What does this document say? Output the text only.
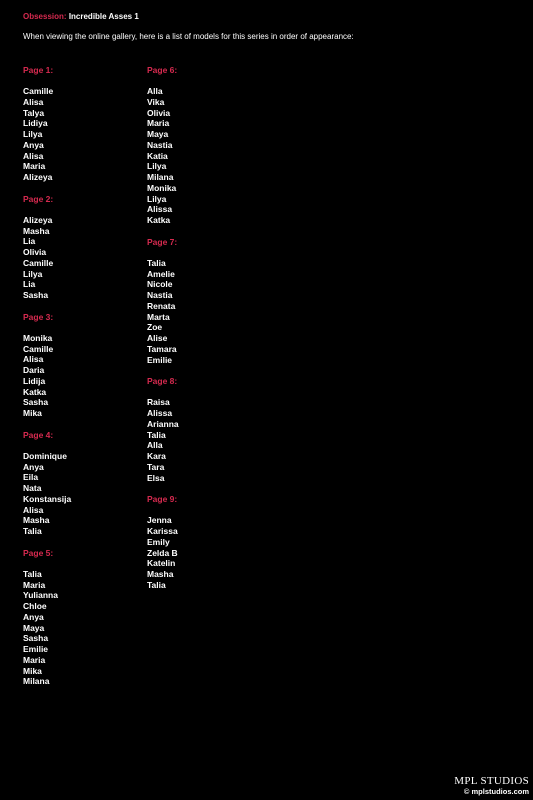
Obsession: Incredible Asses 1
When viewing the online gallery, here is a list of models for this series in order of appearance:
Page 1:
Camille
Alisa
Talya
Lidiya
Lilya
Anya
Alisa
Maria
Alizeya
Page 2:
Alizeya
Masha
Lia
Olivia
Camille
Lilya
Lia
Sasha
Page 3:
Monika
Camille
Alisa
Daria
Lidija
Katka
Sasha
Mika
Page 4:
Dominique
Anya
Eila
Nata
Konstansija
Alisa
Masha
Talia
Page 5:
Talia
Maria
Yulianna
Chloe
Anya
Maya
Sasha
Emilie
Maria
Mika
Milana
Page 6:
Alla
Vika
Olivia
Maria
Maya
Nastia
Katia
Lilya
Milana
Monika
Lilya
Alissa
Katka
Page 7:
Talia
Amelie
Nicole
Nastia
Renata
Marta
Zoe
Alise
Tamara
Emilie
Page 8:
Raisa
Alissa
Arianna
Talia
Alla
Kara
Tara
Elsa
Page 9:
Jenna
Karissa
Emily
Zelda B
Katelin
Masha
Talia
MPL STUDIOS
© mplstudios.com
